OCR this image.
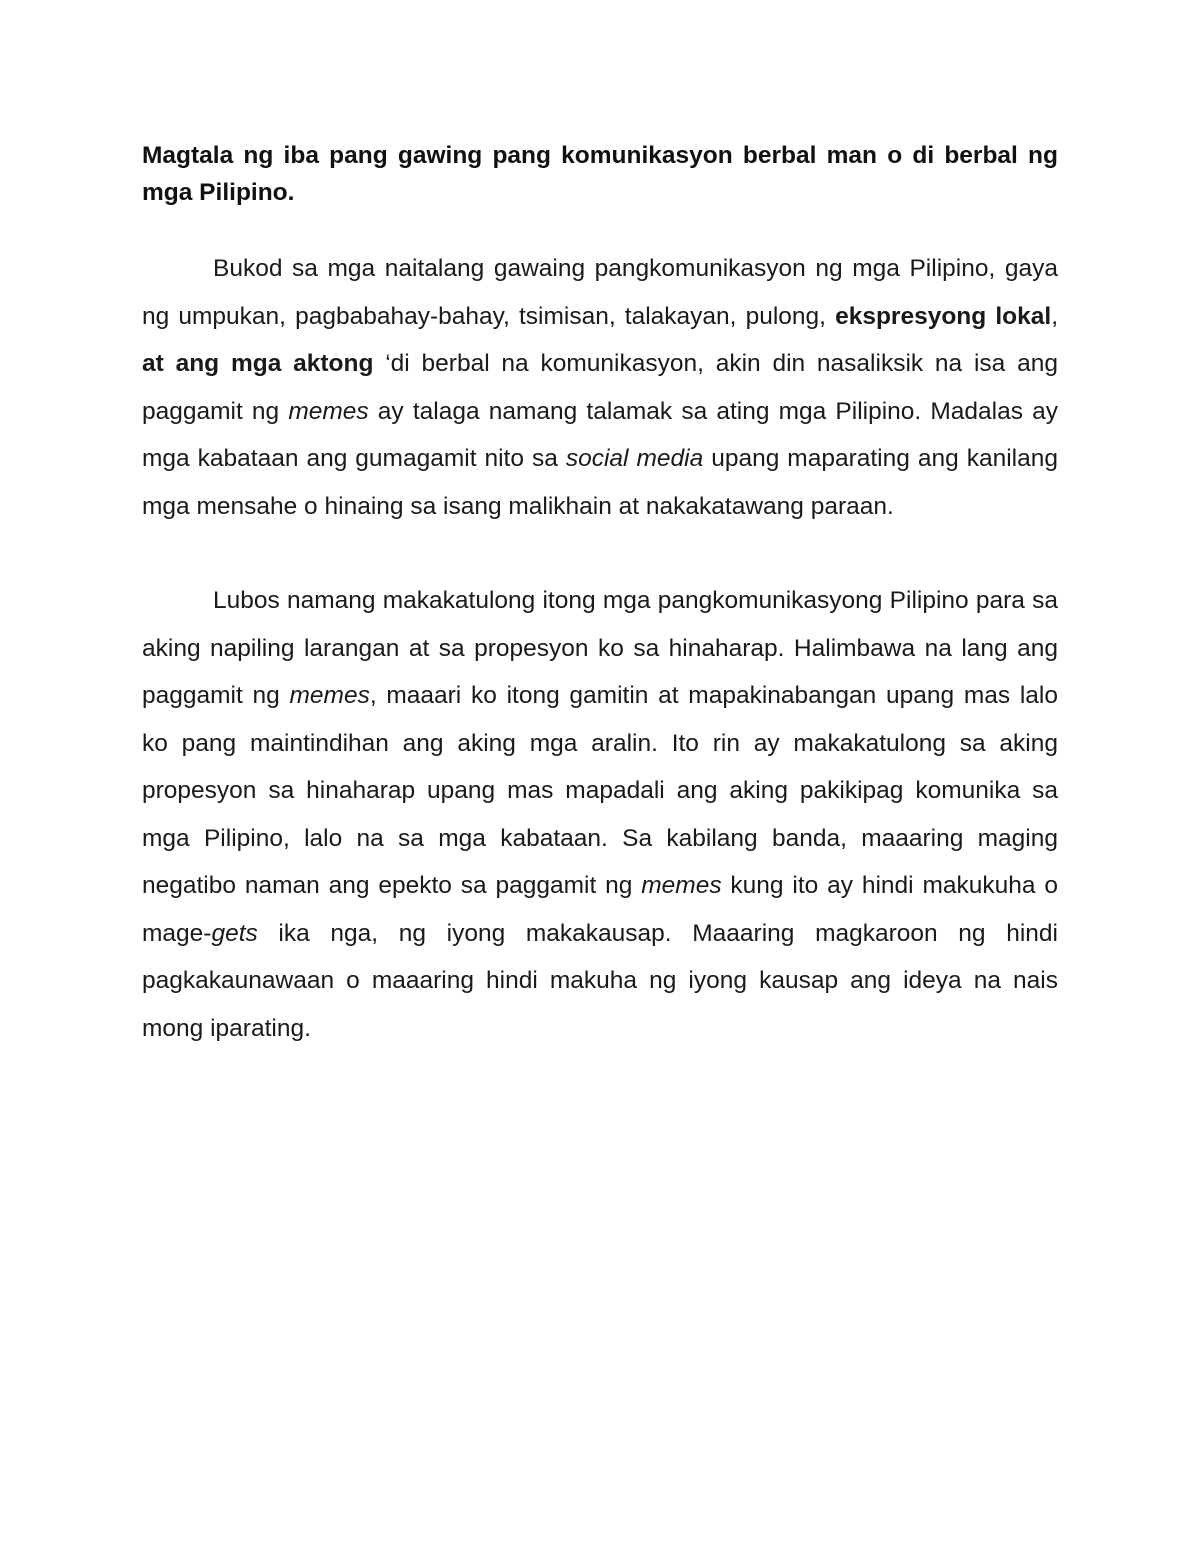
Magtala ng iba pang gawing pang komunikasyon berbal man o di berbal ng mga Pilipino.

Bukod sa mga naitalang gawaing pangkomunikasyon ng mga Pilipino, gaya ng umpukan, pagbabahay-bahay, tsimisan, talakayan, pulong, ekspresyong lokal, at ang mga aktong ‘di berbal na komunikasyon, akin din nasaliksik na isa ang paggamit ng memes ay talaga namang talamak sa ating mga Pilipino. Madalas ay mga kabataan ang gumagamit nito sa social media upang maparating ang kanilang mga mensahe o hinaing sa isang malikhain at nakakatawang paraan.

Lubos namang makakatulong itong mga pangkomunikasyong Pilipino para sa aking napiling larangan at sa propesyon ko sa hinaharap. Halimbawa na lang ang paggamit ng memes, maaari ko itong gamitin at mapakinabangan upang mas lalo ko pang maintindihan ang aking mga aralin. Ito rin ay makakatulong sa aking propesyon sa hinaharap upang mas mapadali ang aking pakikipag komunika sa mga Pilipino, lalo na sa mga kabataan. Sa kabilang banda, maaaring maging negatibo naman ang epekto sa paggamit ng memes kung ito ay hindi makukuha o mage-gets ika nga, ng iyong makakausap. Maaaring magkaroon ng hindi pagkakaunawaan o maaaring hindi makuha ng iyong kausap ang ideya na nais mong iparating.
